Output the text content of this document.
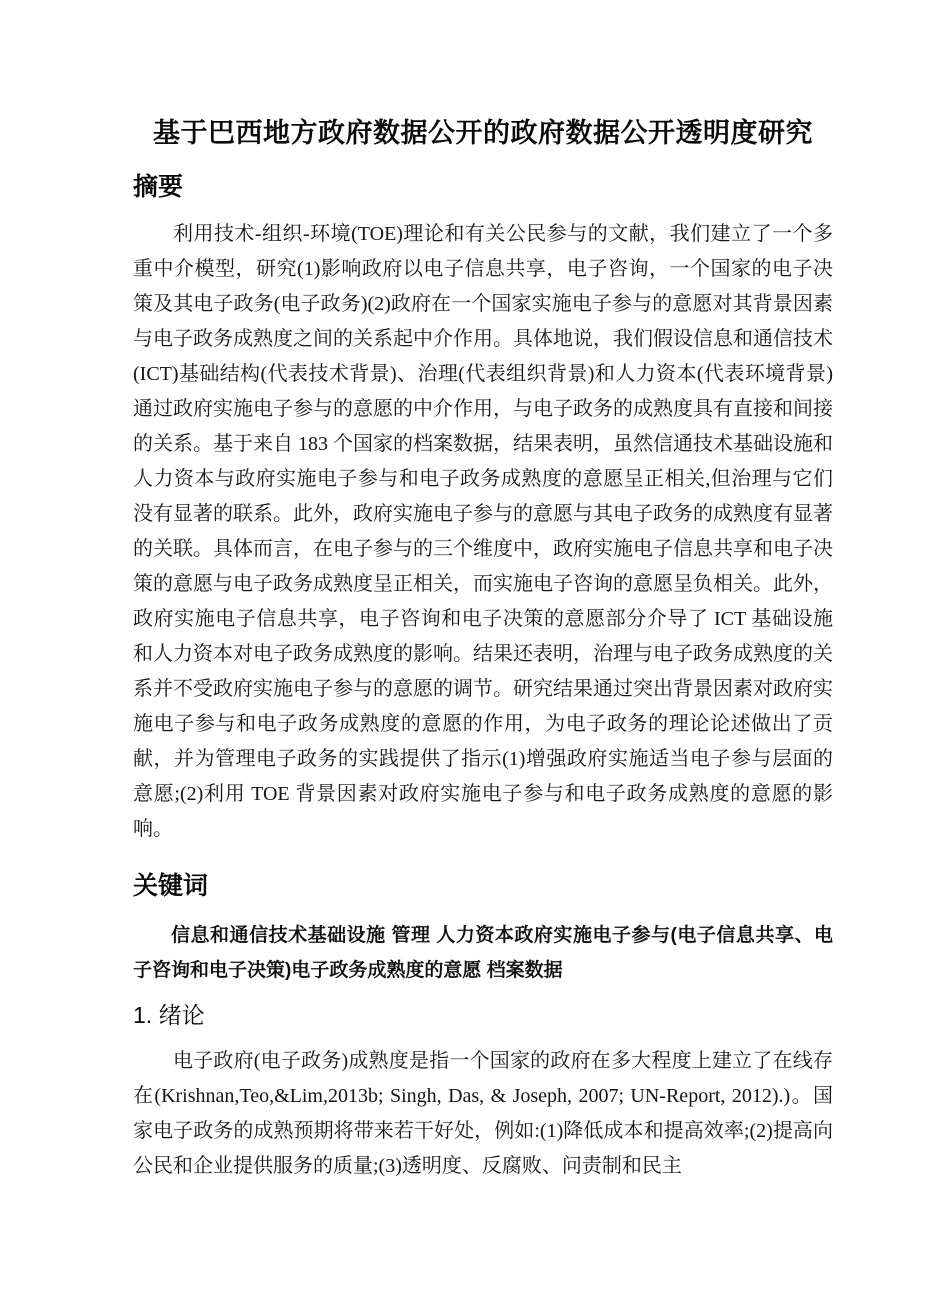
基于巴西地方政府数据公开的政府数据公开透明度研究
摘要

利用技术-组织-环境(TOE)理论和有关公民参与的文献，我们建立了一个多重中介模型，研究(1)影响政府以电子信息共享，电子咨询，一个国家的电子决策及其电子政务(电子政务)(2)政府在一个国家实施电子参与的意愿对其背景因素与电子政务成熟度之间的关系起中介作用。具体地说，我们假设信息和通信技术(ICT)基础结构(代表技术背景)、治理(代表组织背景)和人力资本(代表环境背景)通过政府实施电子参与的意愿的中介作用，与电子政务的成熟度具有直接和间接的关系。基于来自 183 个国家的档案数据，结果表明，虽然信通技术基础设施和人力资本与政府实施电子参与和电子政务成熟度的意愿呈正相关,但治理与它们没有显著的联系。此外，政府实施电子参与的意愿与其电子政务的成熟度有显著的关联。具体而言，在电子参与的三个维度中，政府实施电子信息共享和电子决策的意愿与电子政务成熟度呈正相关，而实施电子咨询的意愿呈负相关。此外，政府实施电子信息共享，电子咨询和电子决策的意愿部分介导了 ICT 基础设施和人力资本对电子政务成熟度的影响。结果还表明，治理与电子政务成熟度的关系并不受政府实施电子参与的意愿的调节。研究结果通过突出背景因素对政府实施电子参与和电子政务成熟度的意愿的作用，为电子政务的理论论述做出了贡献，并为管理电子政务的实践提供了指示(1)增强政府实施适当电子参与层面的意愿;(2)利用 TOE 背景因素对政府实施电子参与和电子政务成熟度的意愿的影响。

关键词

信息和通信技术基础设施 管理 人力资本政府实施电子参与(电子信息共享、电子咨询和电子决策)电子政务成熟度的意愿 档案数据

1. 绪论

电子政府(电子政务)成熟度是指一个国家的政府在多大程度上建立了在线存在(Krishnan,Teo,&Lim,2013b; Singh, Das, & Joseph, 2007; UN-Report, 2012).)。国家电子政务的成熟预期将带来若干好处，例如:(1)降低成本和提高效率;(2)提高向公民和企业提供服务的质量;(3)透明度、反腐败、问责制和民主
